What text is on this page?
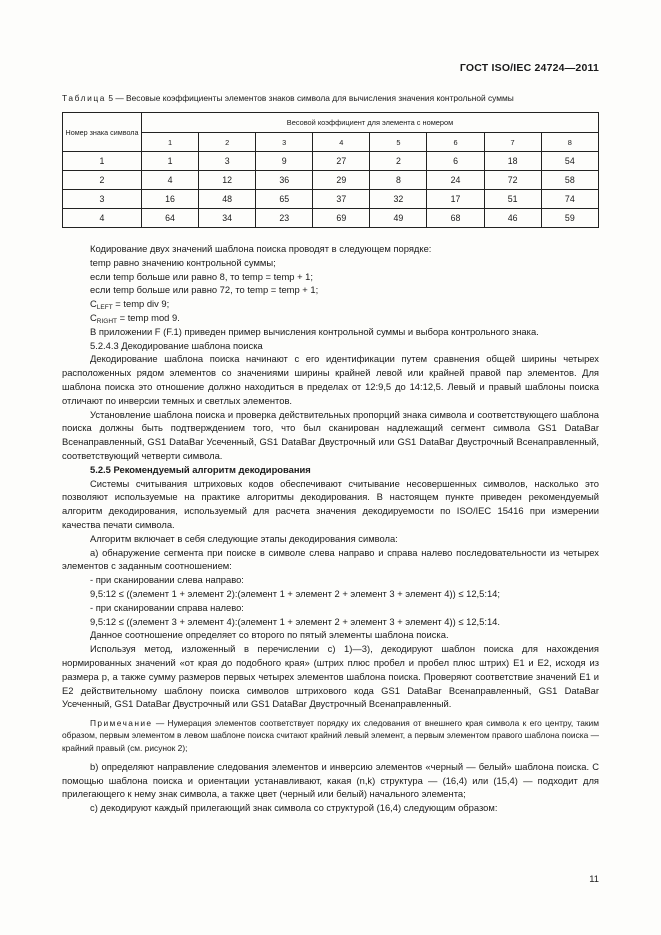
ГОСТ ISO/IEC 24724—2011
Таблица 5 — Весовые коэффициенты элементов знаков символа для вычисления значения контрольной суммы
Номер знака символа	Весовой коэффициент для элемента с номером							
	1	2	3	4	5	6	7	8
1	1	3	9	27	2	6	18	54
2	4	12	36	29	8	24	72	58
3	16	48	65	37	32	17	51	74
4	64	34	23	69	49	68	46	59

Кодирование двух значений шаблона поиска проводят в следующем порядке:

temp равно значению контрольной суммы;

если temp больше или равно 8, то temp = temp + 1;

если temp больше или равно 72, то temp = temp + 1;

$C_{LEFT}$ = temp div 9;

$C_{RIGHT}$ = temp mod 9.

В приложении F (F.1) приведен пример вычисления контрольной суммы и выбора контрольного знака.

5.2.4.3 Декодирование шаблона поиска

Декодирование шаблона поиска начинают с его идентификации путем сравнения общей ширины четырех расположенных рядом элементов со значениями ширины крайней левой или крайней правой пар элементов. Для шаблона поиска это отношение должно находиться в пределах от 12:9,5 до 14:12,5. Левый и правый шаблоны поиска отличают по инверсии темных и светлых элементов.

Установление шаблона поиска и проверка действительных пропорций знака символа и соответствующего шаблона поиска должны быть подтверждением того, что был сканирован надлежащий сегмент символа GS1 DataBar Всенаправленный, GS1 DataBar Усеченный, GS1 DataBar Двустрочный или GS1 DataBar Двустрочный Всенаправленный, соответствующий четверти символа.

5.2.5 Рекомендуемый алгоритм декодирования

Системы считывания штриховых кодов обеспечивают считывание несовершенных символов, насколько это позволяют используемые на практике алгоритмы декодирования. В настоящем пункте приведен рекомендуемый алгоритм декодирования, используемый для расчета значения декодируемости по ISO/IEC 15416 при измерении качества печати символа.

Алгоритм включает в себя следующие этапы декодирования символа:

а) обнаружение сегмента при поиске в символе слева направо и справа налево последовательности из четырех элементов с заданным соотношением:

- при сканировании слева направо:

9,5:12 ≤ ((элемент 1 + элемент 2):(элемент 1 + элемент 2 + элемент 3 + элемент 4)) ≤ 12,5:14;

- при сканировании справа налево:

9,5:12 ≤ ((элемент 3 + элемент 4):(элемент 1 + элемент 2 + элемент 3 + элемент 4)) ≤ 12,5:14.

Данное соотношение определяет со второго по пятый элементы шаблона поиска.

Используя метод, изложенный в перечислении с) 1)—3), декодируют шаблон поиска для нахождения нормированных значений «от края до подобного края» (штрих плюс пробел и пробел плюс штрих) E1 и E2, исходя из размера р, а также сумму размеров первых четырех элементов шаблона поиска. Проверяют соответствие значений E1 и E2 действительному шаблону поиска символов штрихового кода GS1 DataBar Всенаправленный, GS1 DataBar Усеченный, GS1 DataBar Двустрочный или GS1 DataBar Двустрочный Всенаправленный.

Примечание — Нумерация элементов соответствует порядку их следования от внешнего края символа к его центру, таким образом, первым элементом в левом шаблоне поиска считают крайний левый элемент, а первым элементом правого шаблона поиска — крайний правый (см. рисунок 2);

b) определяют направление следования элементов и инверсию элементов «черный — белый» шаблона поиска. С помощью шаблона поиска и ориентации устанавливают, какая (n,k) структура — (16,4) или (15,4) — подходит для прилегающего к нему знак символа, а также цвет (черный или белый) начального элемента;

с) декодируют каждый прилегающий знак символа со структурой (16,4) следующим образом:

11
